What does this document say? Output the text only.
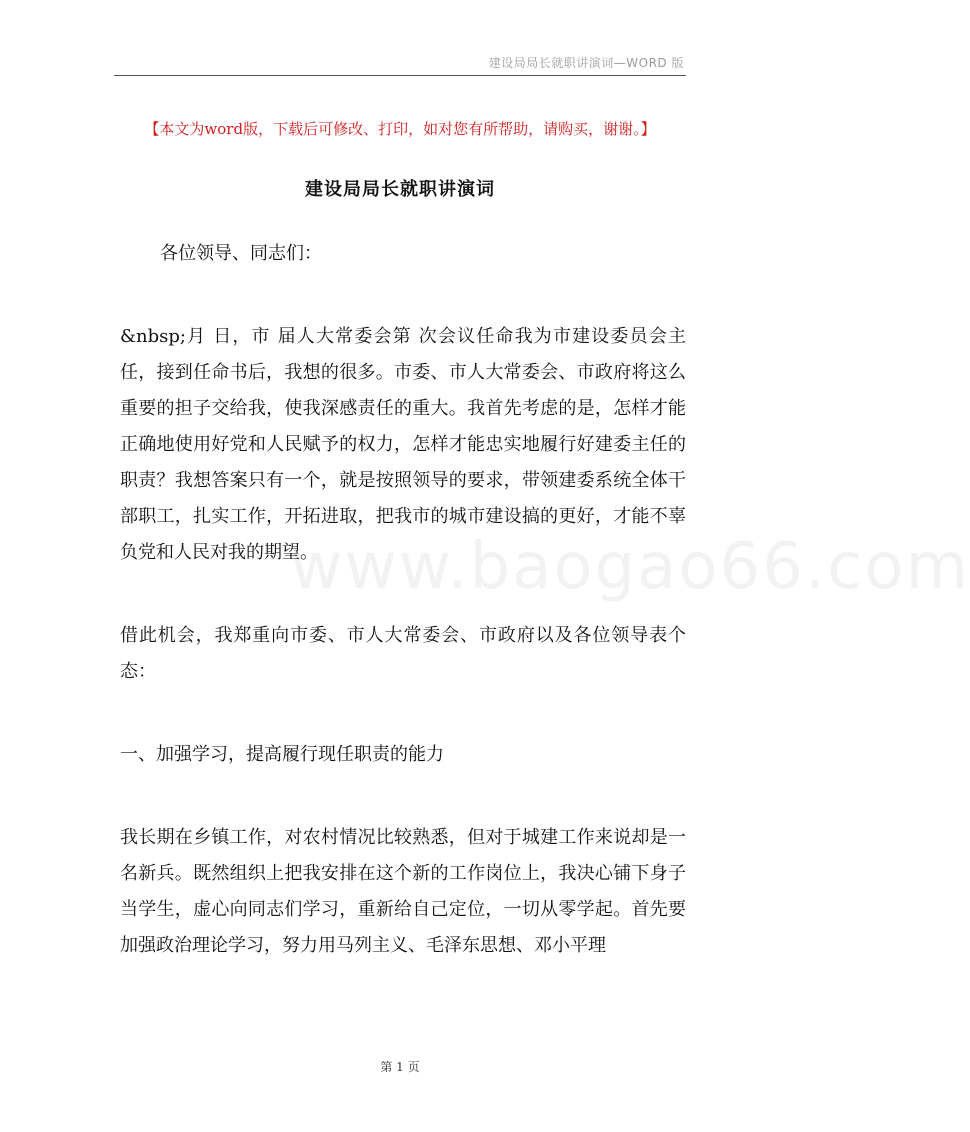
建设局局长就职讲演词—WORD 版
【本文为word版，下载后可修改、打印，如对您有所帮助，请购买，谢谢。】
建设局局长就职讲演词
www.baogao66.com

各位领导、同志们：

&nbsp;月 日，市 届人大常委会第 次会议任命我为市建设委员会主任，接到任命书后，我想的很多。市委、市人大常委会、市政府将这么重要的担子交给我，使我深感责任的重大。我首先考虑的是，怎样才能正确地使用好党和人民赋予的权力，怎样才能忠实地履行好建委主任的职责？我想答案只有一个，就是按照领导的要求，带领建委系统全体干部职工，扎实工作，开拓进取，把我市的城市建设搞的更好，才能不辜负党和人民对我的期望。

借此机会，我郑重向市委、市人大常委会、市政府以及各位领导表个态：

一、加强学习，提高履行现任职责的能力

我长期在乡镇工作，对农村情况比较熟悉，但对于城建工作来说却是一名新兵。既然组织上把我安排在这个新的工作岗位上，我决心铺下身子当学生，虚心向同志们学习，重新给自己定位，一切从零学起。首先要加强政治理论学习，努力用马列主义、毛泽东思想、邓小平理

第 1 页
